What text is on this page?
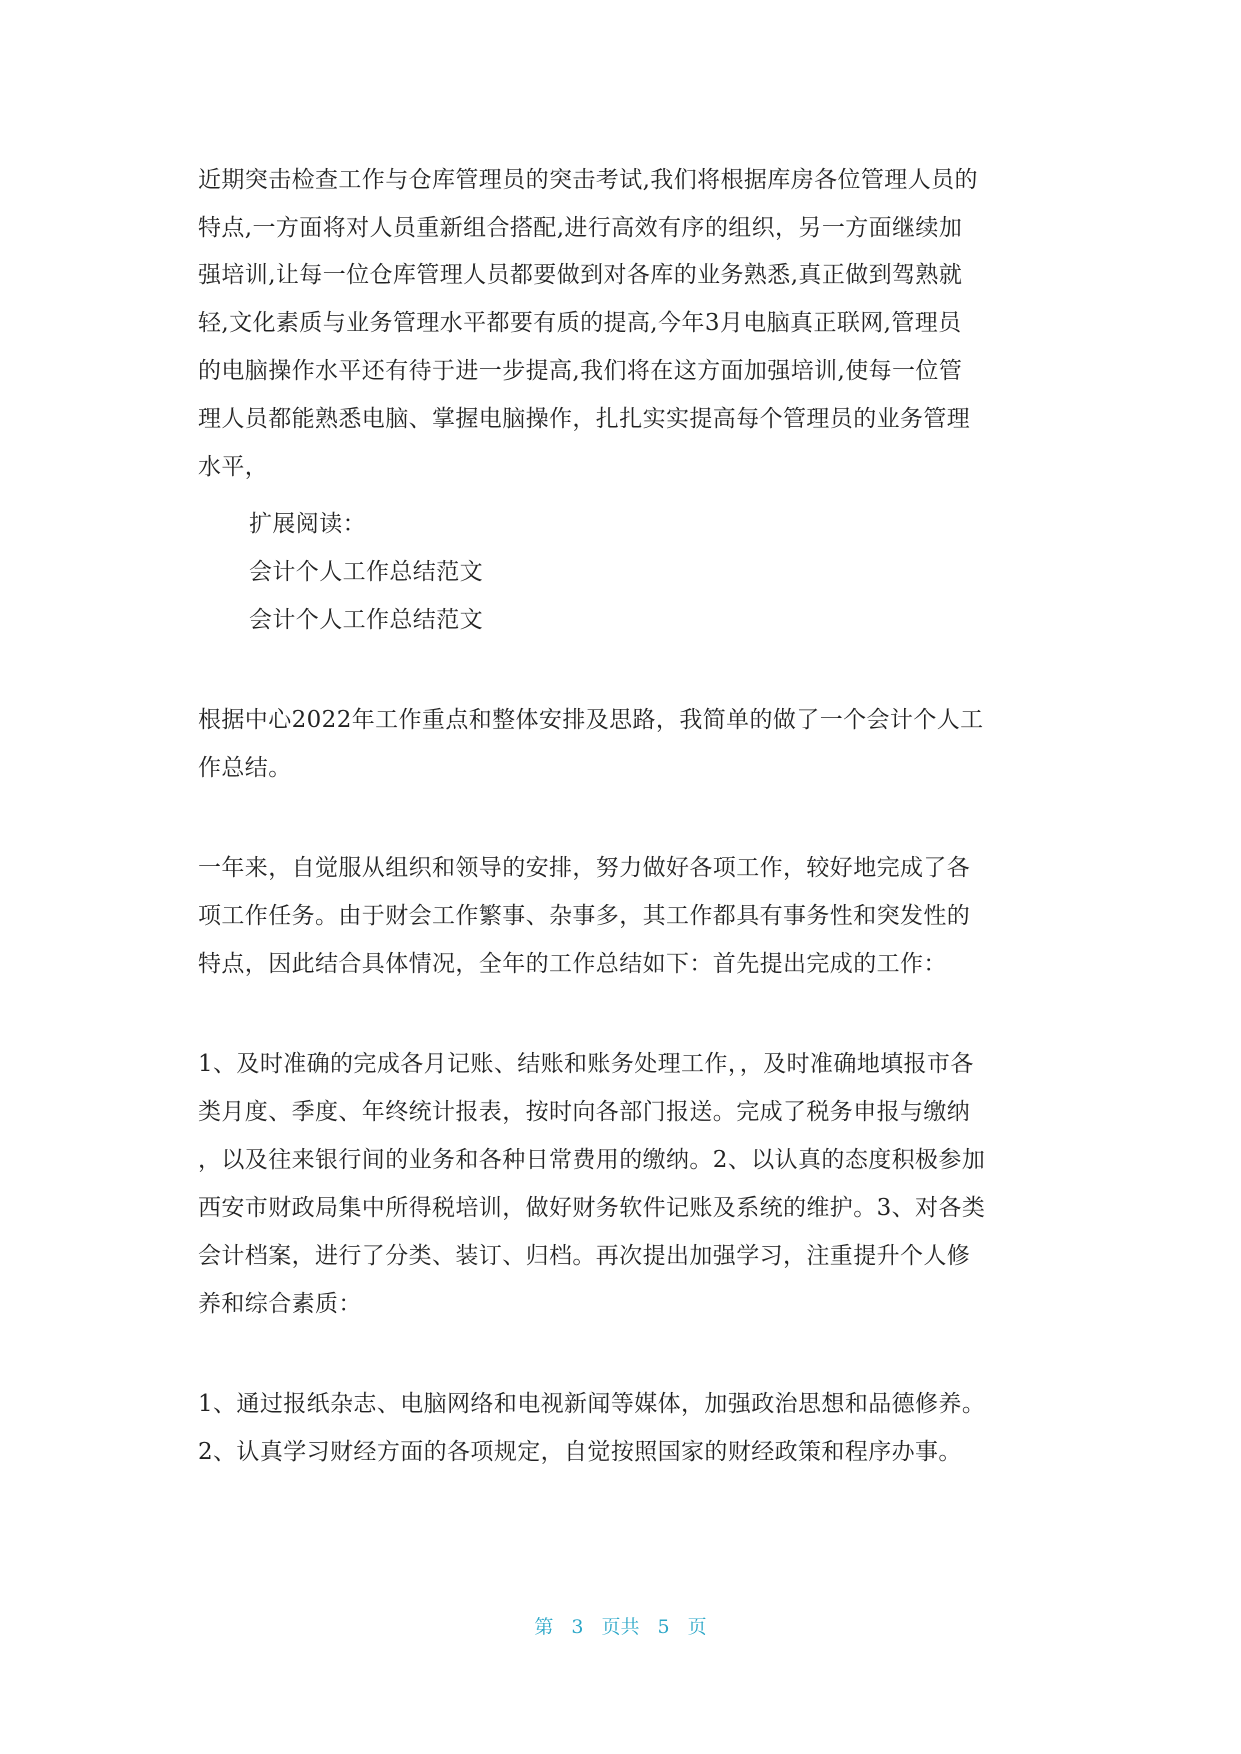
近期突击检查工作与仓库管理员的突击考试,我们将根据库房各位管理人员的
特点,一方面将对人员重新组合搭配,进行高效有序的组织，另一方面继续加
强培训,让每一位仓库管理人员都要做到对各库的业务熟悉,真正做到驾熟就
轻,文化素质与业务管理水平都要有质的提高,今年3月电脑真正联网,管理员
的电脑操作水平还有待于进一步提高,我们将在这方面加强培训,使每一位管
理人员都能熟悉电脑、掌握电脑操作，扎扎实实提高每个管理员的业务管理
水平，
扩展阅读：
会计个人工作总结范文
会计个人工作总结范文
根据中心2022年工作重点和整体安排及思路，我简单的做了一个会计个人工
作总结。
一年来，自觉服从组织和领导的安排，努力做好各项工作，较好地完成了各
项工作任务。由于财会工作繁事、杂事多，其工作都具有事务性和突发性的
特点，因此结合具体情况，全年的工作总结如下：首先提出完成的工作：
1、及时准确的完成各月记账、结账和账务处理工作，，及时准确地填报市各
类月度、季度、年终统计报表，按时向各部门报送。完成了税务申报与缴纳
，以及往来银行间的业务和各种日常费用的缴纳。2、以认真的态度积极参加
西安市财政局集中所得税培训，做好财务软件记账及系统的维护。3、对各类
会计档案，进行了分类、装订、归档。再次提出加强学习，注重提升个人修
养和综合素质：
1、通过报纸杂志、电脑网络和电视新闻等媒体，加强政治思想和品德修养。
2、认真学习财经方面的各项规定，自觉按照国家的财经政策和程序办事。
第 3 页共 5 页
